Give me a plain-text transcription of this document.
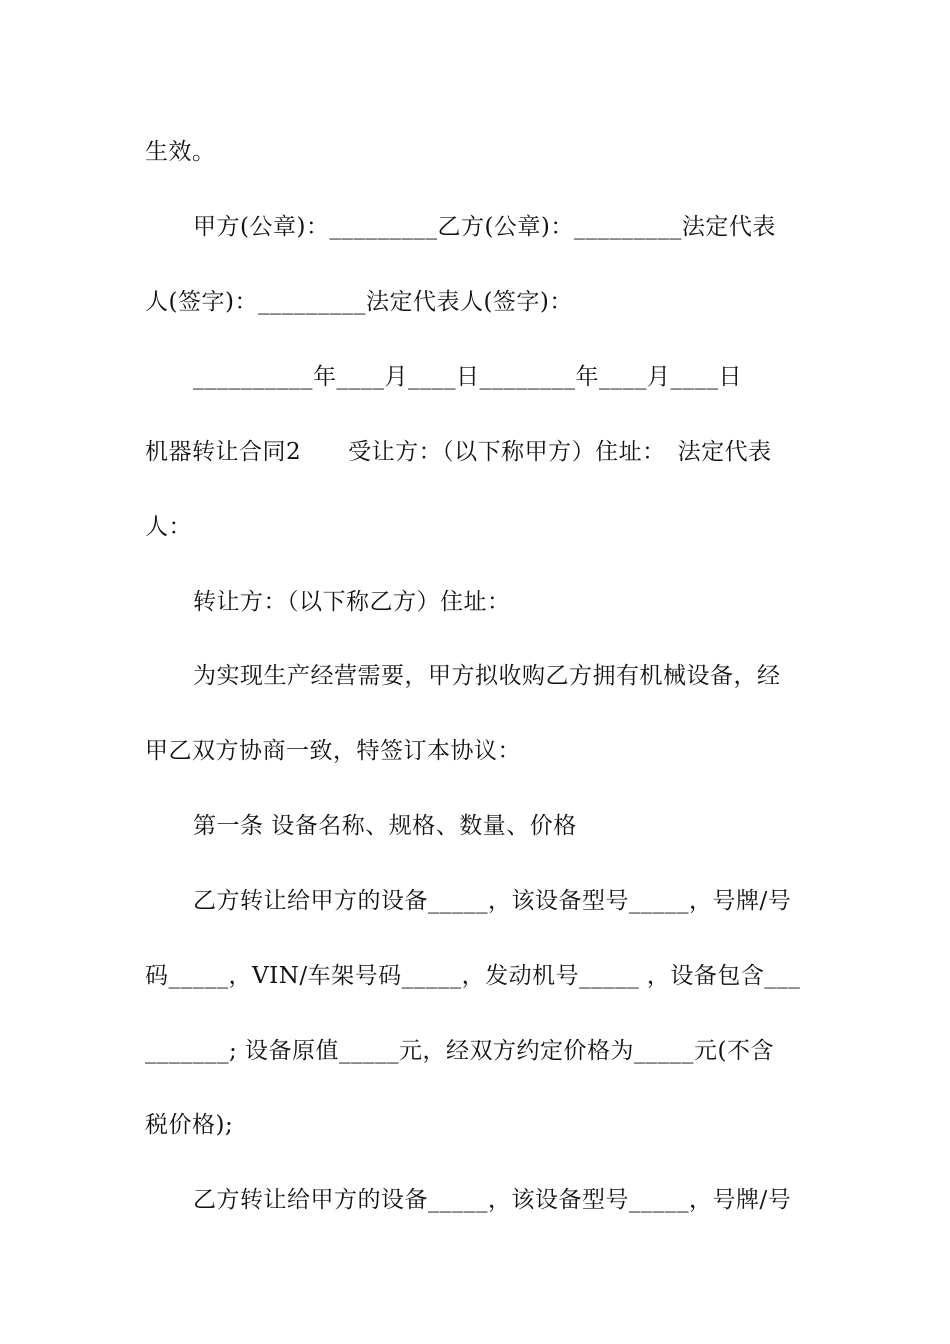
生效。
甲方(公章)：_________乙方(公章)：_________法定代表
人(签字)：_________法定代表人(签字)：
__________年____月____日________年____月____日
机器转让合同2　　受让方：（以下称甲方）住址：　法定代表
人：
转让方：（以下称乙方）住址：
为实现生产经营需要，甲方拟收购乙方拥有机械设备，经
甲乙双方协商一致，特签订本协议：
第一条 设备名称、规格、数量、价格
乙方转让给甲方的设备_____，该设备型号_____，号牌/号
码_____，VIN/车架号码_____，发动机号_____ ，设备包含___
_______; 设备原值_____元，经双方约定价格为_____元(不含
税价格);
乙方转让给甲方的设备_____，该设备型号_____，号牌/号
